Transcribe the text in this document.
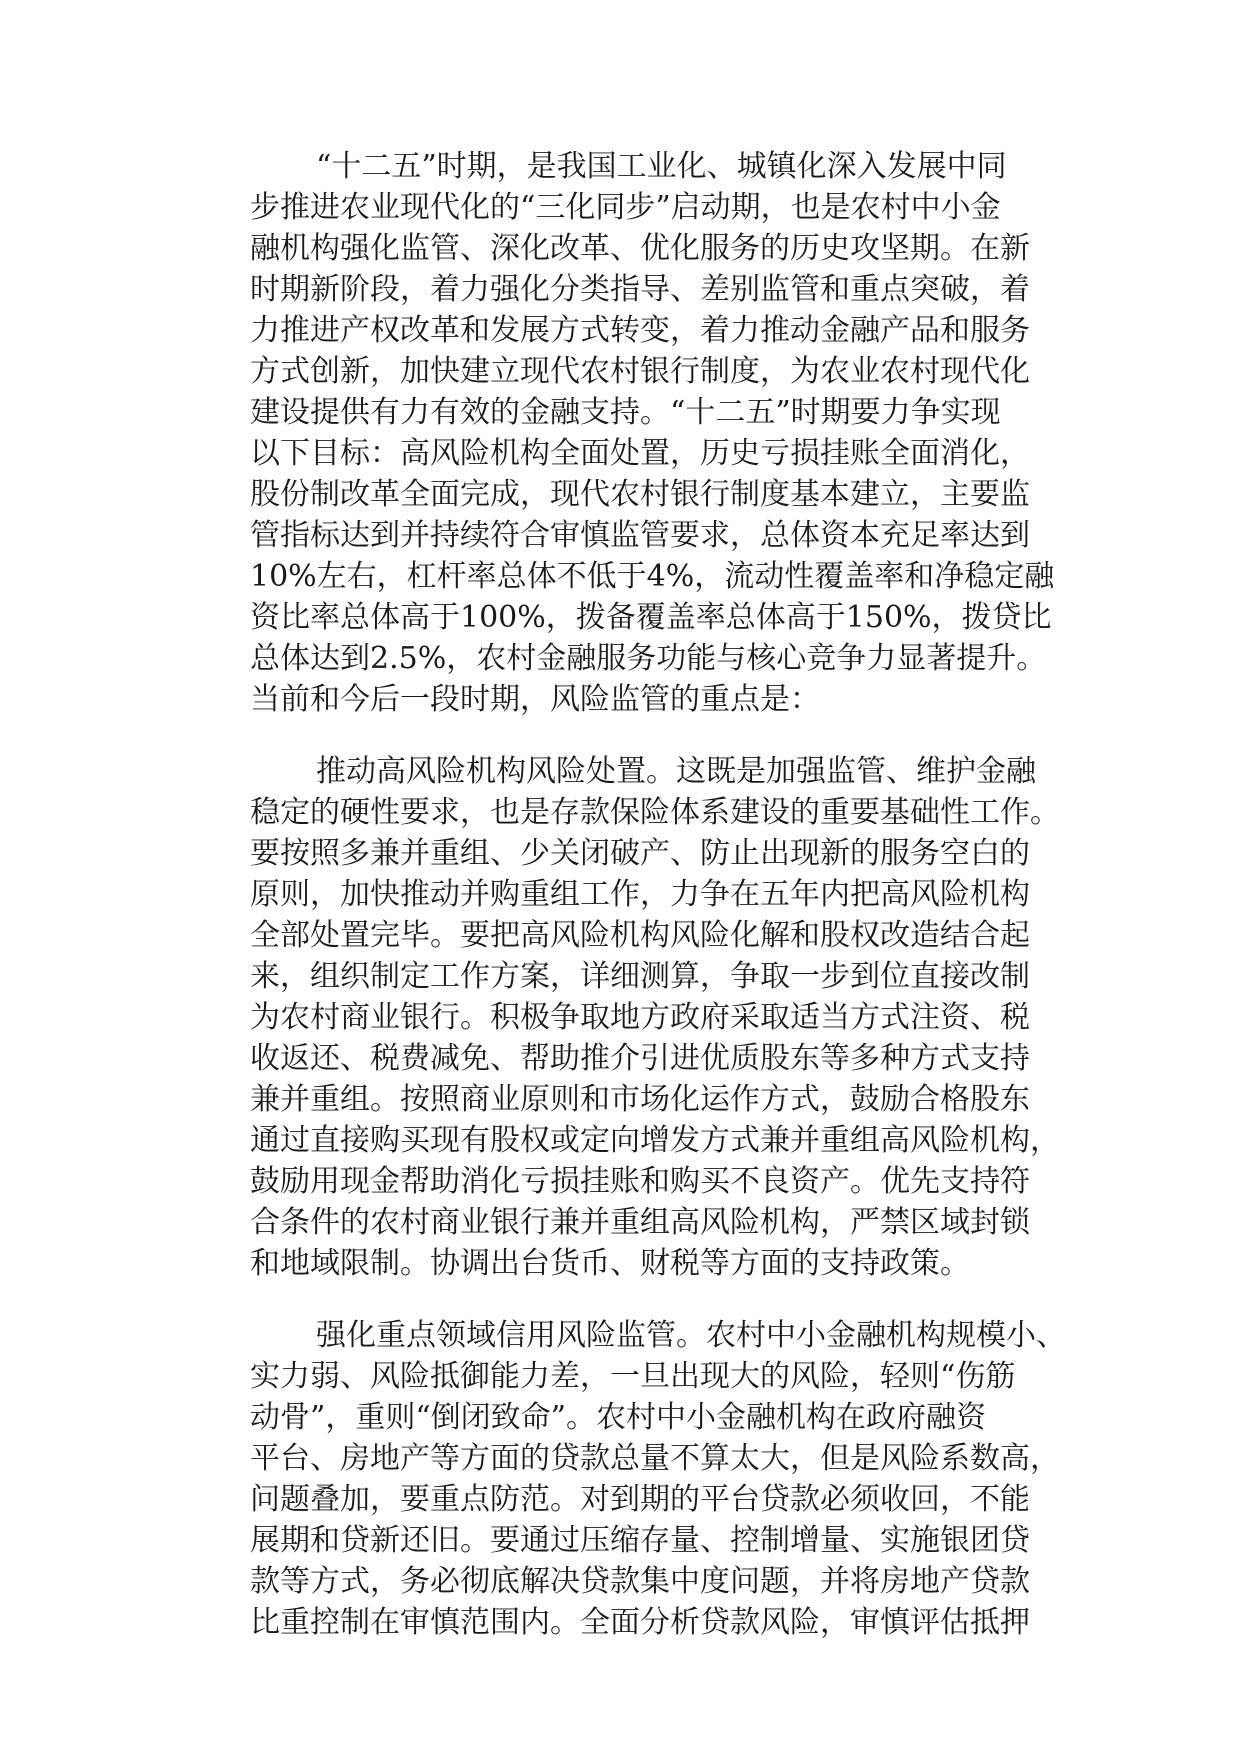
“十二五”时期，是我国工业化、城镇化深入发展中同
步推进农业现代化的“三化同步”启动期，也是农村中小金
融机构强化监管、深化改革、优化服务的历史攻坚期。在新
时期新阶段，着力强化分类指导、差别监管和重点突破，着
力推进产权改革和发展方式转变，着力推动金融产品和服务
方式创新，加快建立现代农村银行制度，为农业农村现代化
建设提供有力有效的金融支持。“十二五”时期要力争实现
以下目标：高风险机构全面处置，历史亏损挂账全面消化，
股份制改革全面完成，现代农村银行制度基本建立，主要监
管指标达到并持续符合审慎监管要求，总体资本充足率达到
10%左右，杠杆率总体不低于4%，流动性覆盖率和净稳定融
资比率总体高于100%，拨备覆盖率总体高于150%，拨贷比
总体达到2.5%，农村金融服务功能与核心竞争力显著提升。
当前和今后一段时期，风险监管的重点是：
推动高风险机构风险处置。这既是加强监管、维护金融
稳定的硬性要求，也是存款保险体系建设的重要基础性工作。
要按照多兼并重组、少关闭破产、防止出现新的服务空白的
原则，加快推动并购重组工作，力争在五年内把高风险机构
全部处置完毕。要把高风险机构风险化解和股权改造结合起
来，组织制定工作方案，详细测算，争取一步到位直接改制
为农村商业银行。积极争取地方政府采取适当方式注资、税
收返还、税费减免、帮助推介引进优质股东等多种方式支持
兼并重组。按照商业原则和市场化运作方式，鼓励合格股东
通过直接购买现有股权或定向增发方式兼并重组高风险机构，
鼓励用现金帮助消化亏损挂账和购买不良资产。优先支持符
合条件的农村商业银行兼并重组高风险机构，严禁区域封锁
和地域限制。协调出台货币、财税等方面的支持政策。
强化重点领域信用风险监管。农村中小金融机构规模小、
实力弱、风险抵御能力差，一旦出现大的风险，轻则“伤筋
动骨”，重则“倒闭致命”。农村中小金融机构在政府融资
平台、房地产等方面的贷款总量不算太大，但是风险系数高，
问题叠加，要重点防范。对到期的平台贷款必须收回，不能
展期和贷新还旧。要通过压缩存量、控制增量、实施银团贷
款等方式，务必彻底解决贷款集中度问题，并将房地产贷款
比重控制在审慎范围内。全面分析贷款风险，审慎评估抵押
